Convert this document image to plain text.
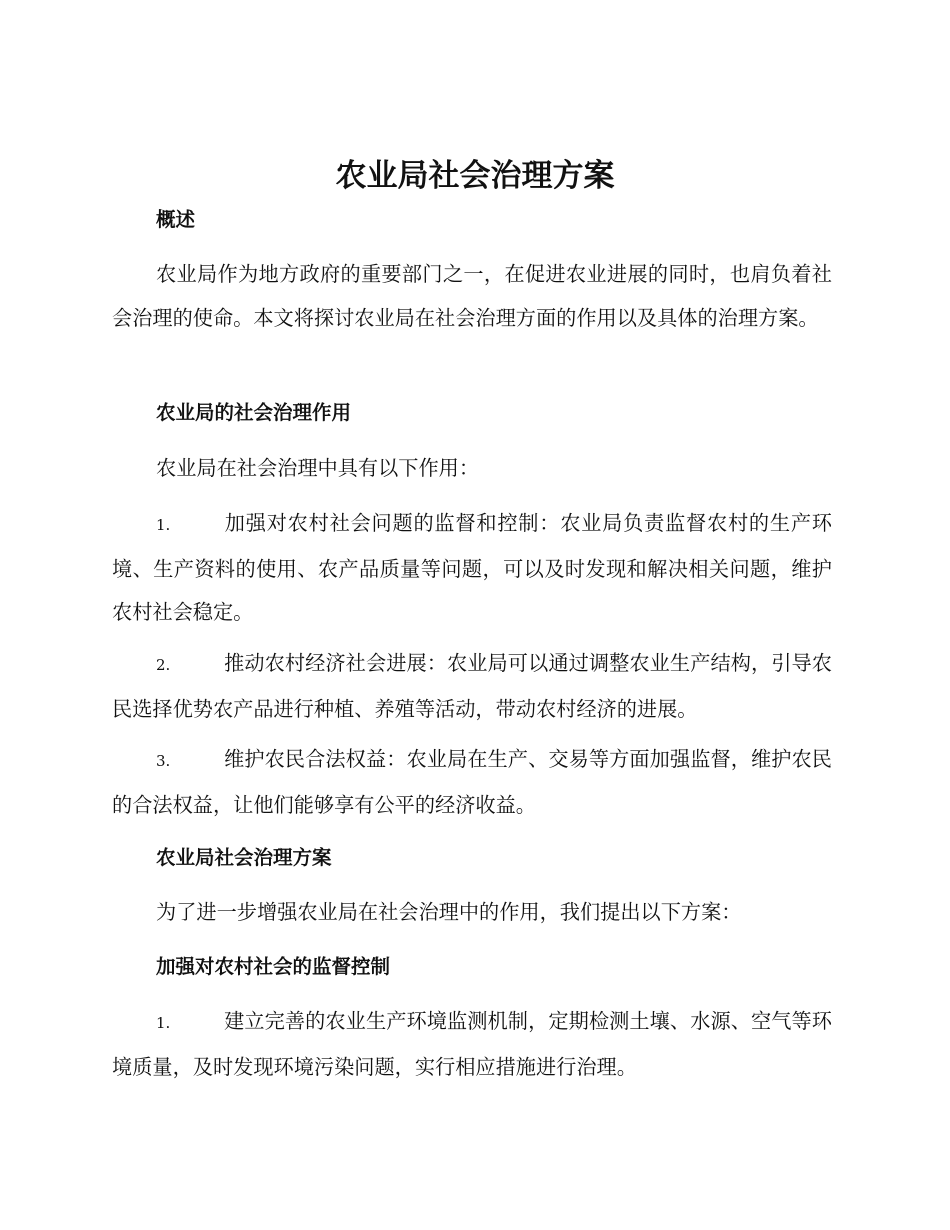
农业局社会治理方案
概述
农业局作为地方政府的重要部门之一，在促进农业进展的同时，也肩负着社会治理的使命。本文将探讨农业局在社会治理方面的作用以及具体的治理方案。
农业局的社会治理作用
农业局在社会治理中具有以下作用：
1.	加强对农村社会问题的监督和控制：农业局负责监督农村的生产环境、生产资料的使用、农产品质量等问题，可以及时发现和解决相关问题，维护农村社会稳定。
2.	推动农村经济社会进展：农业局可以通过调整农业生产结构，引导农民选择优势农产品进行种植、养殖等活动，带动农村经济的进展。
3.	维护农民合法权益：农业局在生产、交易等方面加强监督，维护农民的合法权益，让他们能够享有公平的经济收益。
农业局社会治理方案
为了进一步增强农业局在社会治理中的作用，我们提出以下方案：
加强对农村社会的监督控制
1.	建立完善的农业生产环境监测机制，定期检测土壤、水源、空气等环境质量，及时发现环境污染问题，实行相应措施进行治理。
